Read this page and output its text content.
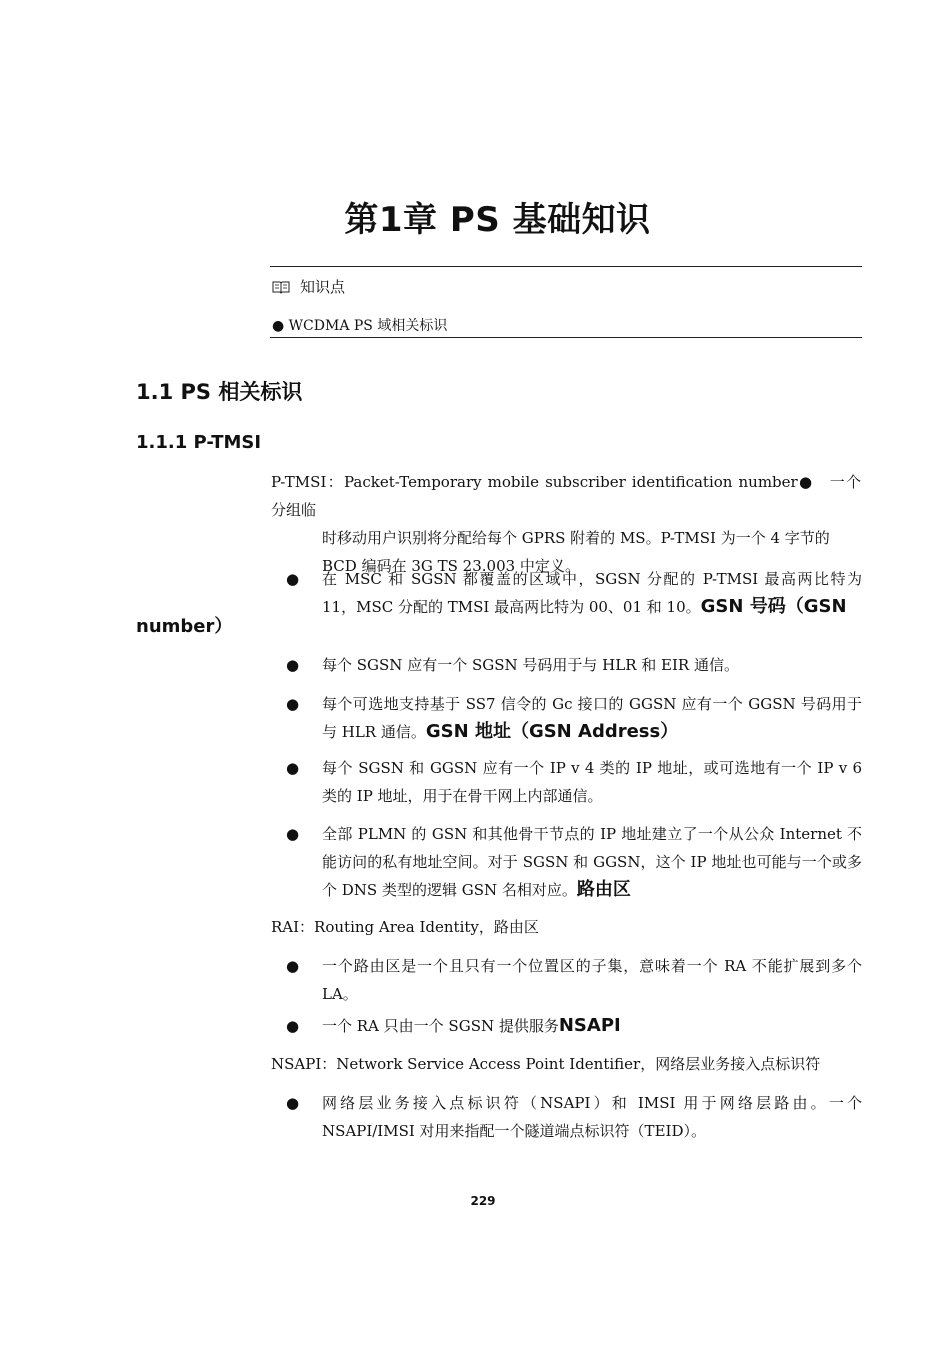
第1章 PS 基础知识
知识点
● WCDMA PS 域相关标识
1.1 PS 相关标识
1.1.1 P-TMSI
P-TMSI：Packet-Temporary mobile subscriber identification number●　一个分组临
时移动用户识别将分配给每个 GPRS 附着的 MS。P-TMSI 为一个 4 字节的
BCD 编码在 3G TS 23.003 中定义。
● 在 MSC 和 SGSN 都覆盖的区域中，SGSN 分配的 P-TMSI 最高两比特为 11，MSC 分配的 TMSI 最高两比特为 00、01 和 10。GSN 号码（GSN
number）
● 每个 SGSN 应有一个 SGSN 号码用于与 HLR 和 EIR 通信。
● 每个可选地支持基于 SS7 信令的 Gc 接口的 GGSN 应有一个 GGSN 号码用于与 HLR 通信。GSN 地址（GSN Address）
● 每个 SGSN 和 GGSN 应有一个 IP v 4 类的 IP 地址，或可选地有一个 IP v 6 类的 IP 地址，用于在骨干网上内部通信。
● 全部 PLMN 的 GSN 和其他骨干节点的 IP 地址建立了一个从公众 Internet 不能访问的私有地址空间。对于 SGSN 和 GGSN，这个 IP 地址也可能与一个或多个 DNS 类型的逻辑 GSN 名相对应。路由区
RAI：Routing Area Identity，路由区
● 一个路由区是一个且只有一个位置区的子集，意味着一个 RA 不能扩展到多个 LA。
● 一个 RA 只由一个 SGSN 提供服务NSAPI
NSAPI：Network Service Access Point Identifier，网络层业务接入点标识符
● 网络层业务接入点标识符（NSAPI）和 IMSI 用于网络层路由。一个 NSAPI/IMSI 对用来指配一个隧道端点标识符（TEID）。
229
